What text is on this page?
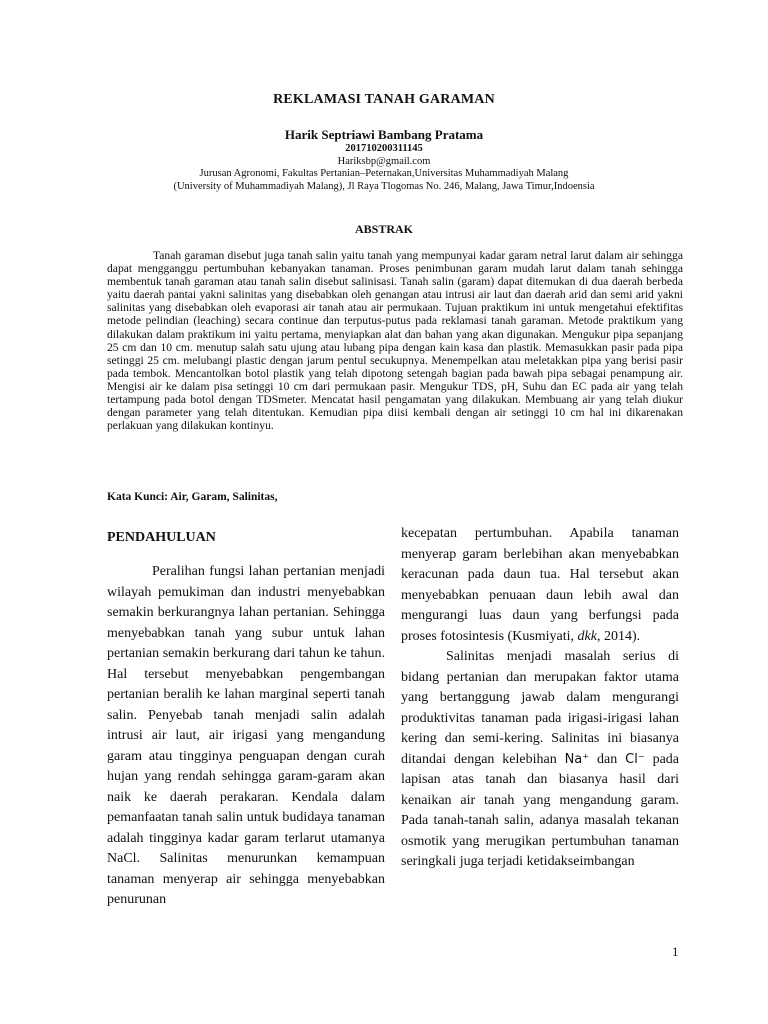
REKLAMASI TANAH GARAMAN
Harik Septriawi Bambang Pratama
201710200311145
Hariksbp@gmail.com
Jurusan Agronomi, Fakultas Pertanian–Peternakan,Universitas Muhammadiyah Malang
(University of Muhammadiyah Malang), Jl Raya Tlogomas No. 246, Malang, Jawa Timur,Indoensia
ABSTRAK

Tanah garaman disebut juga tanah salin yaitu tanah yang mempunyai kadar garam netral larut dalam air sehingga dapat mengganggu pertumbuhan kebanyakan tanaman. Proses penimbunan garam mudah larut dalam tanah sehingga membentuk tanah garaman atau tanah salin disebut salinisasi. Tanah salin (garam) dapat ditemukan di dua daerah berbeda yaitu daerah pantai yakni salinitas yang disebabkan oleh genangan atau intrusi air laut dan daerah arid dan semi arid yakni salinitas yang disebabkan oleh evaporasi air tanah atau air permukaan. Tujuan praktikum ini untuk mengetahui efektifitas metode pelindian (leaching) secara continue dan terputus-putus pada reklamasi tanah garaman. Metode praktikum yang dilakukan dalam praktikum ini yaitu pertama, menyiapkan alat dan bahan yang akan digunakan. Mengukur pipa sepanjang 25 cm dan 10 cm. menutup salah satu ujung atau lubang pipa dengan kain kasa dan plastik. Memasukkan pasir pada pipa setinggi 25 cm. melubangi plastic dengan jarum pentul secukupnya. Menempelkan atau meletakkan pipa yang berisi pasir pada tembok. Mencantolkan botol plastik yang telah dipotong setengah bagian pada bawah pipa sebagai penampung air. Mengisi air ke dalam pisa setinggi 10 cm dari permukaan pasir. Mengukur TDS, pH, Suhu dan EC pada air yang telah tertampung pada botol dengan TDSmeter. Mencatat hasil pengamatan yang dilakukan. Membuang air yang telah diukur dengan parameter yang telah ditentukan. Kemudian pipa diisi kembali dengan air setinggi 10 cm hal ini dikarenakan perlakuan yang dilakukan kontinyu.

Kata Kunci: Air, Garam, Salinitas,
PENDAHULUAN

Peralihan fungsi lahan pertanian menjadi wilayah pemukiman dan industri menyebabkan semakin berkurangnya lahan pertanian. Sehingga menyebabkan tanah yang subur untuk lahan pertanian semakin berkurang dari tahun ke tahun. Hal tersebut menyebabkan pengembangan pertanian beralih ke lahan marginal seperti tanah salin. Penyebab tanah menjadi salin adalah intrusi air laut, air irigasi yang mengandung garam atau tingginya penguapan dengan curah hujan yang rendah sehingga garam-garam akan naik ke daerah perakaran. Kendala dalam pemanfaatan tanah salin untuk budidaya tanaman adalah tingginya kadar garam terlarut utamanya NaCl. Salinitas menurunkan kemampuan tanaman menyerap air sehingga menyebabkan penurunan

kecepatan pertumbuhan. Apabila tanaman menyerap garam berlebihan akan menyebabkan keracunan pada daun tua. Hal tersebut akan menyebabkan penuaan daun lebih awal dan mengurangi luas daun yang berfungsi pada proses fotosintesis (Kusmiyati, dkk, 2014).

Salinitas menjadi masalah serius di bidang pertanian dan merupakan faktor utama yang bertanggung jawab dalam mengurangi produktivitas tanaman pada irigasi-irigasi lahan kering dan semi-kering. Salinitas ini biasanya ditandai dengan kelebihan Na⁺ dan Cl⁻ pada lapisan atas tanah dan biasanya hasil dari kenaikan air tanah yang mengandung garam. Pada tanah-tanah salin, adanya masalah tekanan osmotik yang merugikan pertumbuhan tanaman seringkali juga terjadi ketidakseimbangan

1
